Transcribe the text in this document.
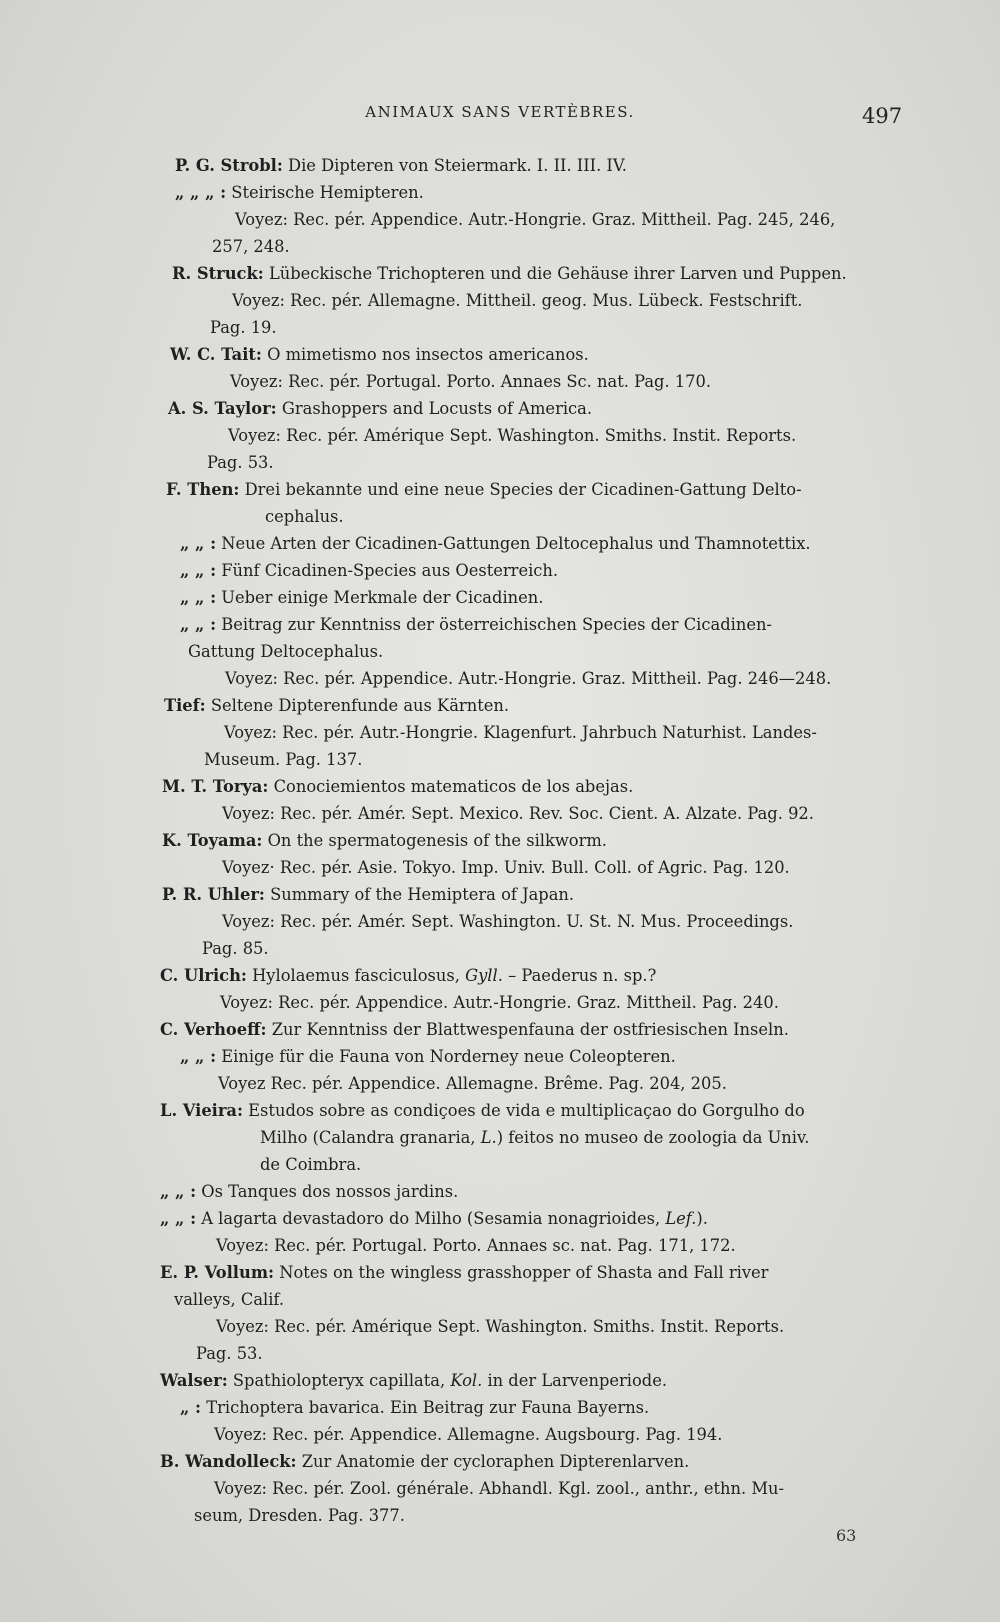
ANIMAUX SANS VERTÈBRES.	497
P. G. Strobl: Die Dipteren von Steiermark. I. II. III. IV.
„ „ „ : Steirische Hemipteren.
Voyez: Rec. pér. Appendice. Autr.-Hongrie. Graz. Mittheil. Pag. 245, 246,
257, 248.
R. Struck: Lübeckische Trichopteren und die Gehäuse ihrer Larven und Puppen.
Voyez: Rec. pér. Allemagne. Mittheil. geog. Mus. Lübeck. Festschrift.
Pag. 19.
W. C. Tait: O mimetismo nos insectos americanos.
Voyez: Rec. pér. Portugal. Porto. Annaes Sc. nat. Pag. 170.
A. S. Taylor: Grashoppers and Locusts of America.
Voyez: Rec. pér. Amérique Sept. Washington. Smiths. Instit. Reports.
Pag. 53.
F. Then: Drei bekannte und eine neue Species der Cicadinen-Gattung Delto-
cephalus.
„ „ : Neue Arten der Cicadinen-Gattungen Deltocephalus und Thamnotettix.
„ „ : Fünf Cicadinen-Species aus Oesterreich.
„ „ : Ueber einige Merkmale der Cicadinen.
„ „ : Beitrag zur Kenntniss der österreichischen Species der Cicadinen-
Gattung Deltocephalus.
Voyez: Rec. pér. Appendice. Autr.-Hongrie. Graz. Mittheil. Pag. 246—248.
Tief: Seltene Dipterenfunde aus Kärnten.
Voyez: Rec. pér. Autr.-Hongrie. Klagenfurt. Jahrbuch Naturhist. Landes-
Museum. Pag. 137.
M. T. Torya: Conociemientos matematicos de los abejas.
Voyez: Rec. pér. Amér. Sept. Mexico. Rev. Soc. Cient. A. Alzate. Pag. 92.
K. Toyama: On the spermatogenesis of the silkworm.
Voyez· Rec. pér. Asie. Tokyo. Imp. Univ. Bull. Coll. of Agric. Pag. 120.
P. R. Uhler: Summary of the Hemiptera of Japan.
Voyez: Rec. pér. Amér. Sept. Washington. U. St. N. Mus. Proceedings.
Pag. 85.
C. Ulrich: Hylolaemus fasciculosus, Gyll. – Paederus n. sp.?
Voyez: Rec. pér. Appendice. Autr.-Hongrie. Graz. Mittheil. Pag. 240.
C. Verhoeff: Zur Kenntniss der Blattwespenfauna der ostfriesischen Inseln.
„ „ : Einige für die Fauna von Norderney neue Coleopteren.
Voyez Rec. pér. Appendice. Allemagne. Brême. Pag. 204, 205.
L. Vieira: Estudos sobre as condiçoes de vida e multiplicaçao do Gorgulho do
Milho (Calandra granaria, L.) feitos no museo de zoologia da Univ.
de Coimbra.
„ „ : Os Tanques dos nossos jardins.
„ „ : A lagarta devastadoro do Milho (Sesamia nonagrioides, Lef.).
Voyez: Rec. pér. Portugal. Porto. Annaes sc. nat. Pag. 171, 172.
E. P. Vollum: Notes on the wingless grasshopper of Shasta and Fall river
valleys, Calif.
Voyez: Rec. pér. Amérique Sept. Washington. Smiths. Instit. Reports.
Pag. 53.
Walser: Spathiolopteryx capillata, Kol. in der Larvenperiode.
„ : Trichoptera bavarica. Ein Beitrag zur Fauna Bayerns.
Voyez: Rec. pér. Appendice. Allemagne. Augsbourg. Pag. 194.
B. Wandolleck: Zur Anatomie der cycloraphen Dipterenlarven.
Voyez: Rec. pér. Zool. générale. Abhandl. Kgl. zool., anthr., ethn. Mu-
seum, Dresden. Pag. 377.
63
